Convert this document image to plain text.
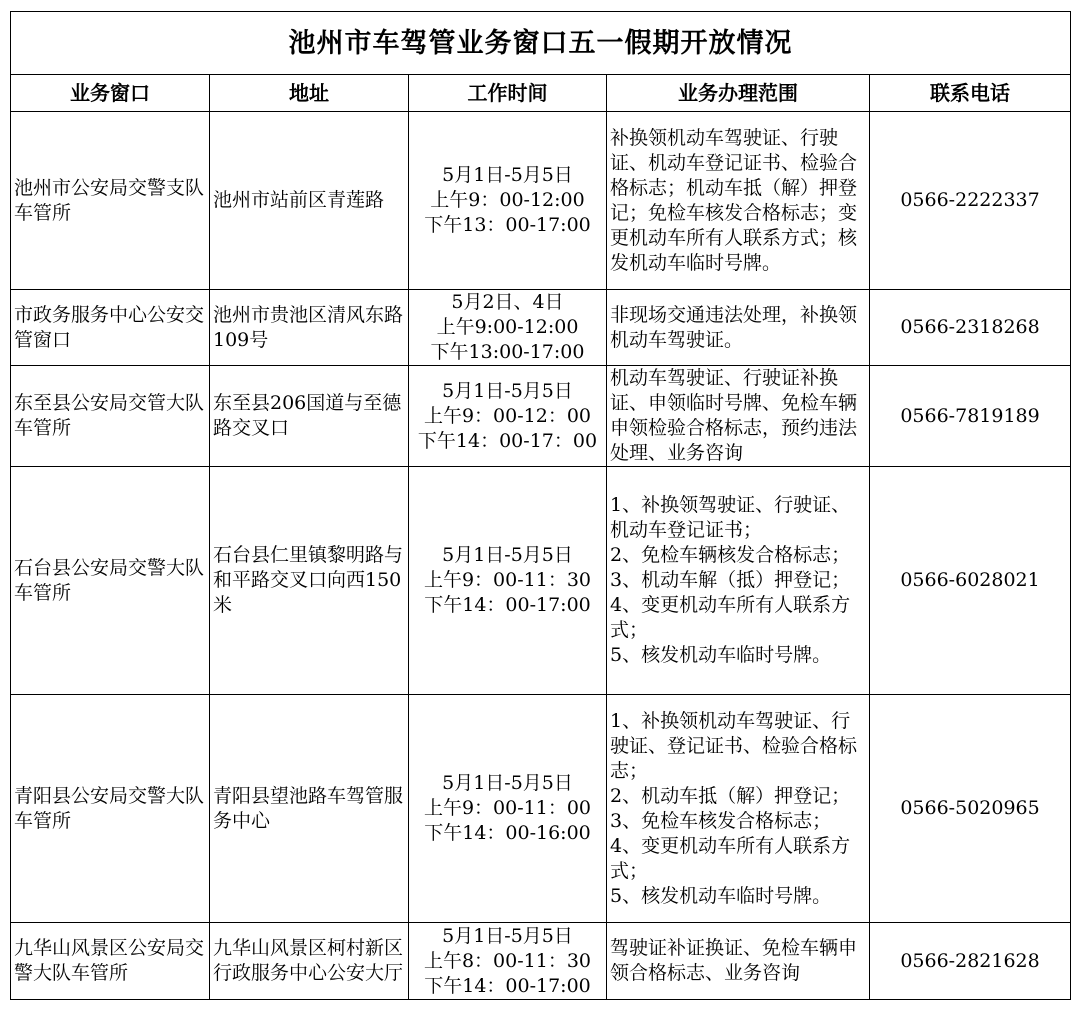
池州市车驾管业务窗口五一假期开放情况				
业务窗口	地址	工作时间	业务办理范围	联系电话
池州市公安局交警支队车管所	池州市站前区青莲路	5月1日-5月5日
上午9：00-12:00
下午13：00-17:00	补换领机动车驾驶证、行驶证、机动车登记证书、检验合格标志；机动车抵（解）押登记；免检车核发合格标志；变更机动车所有人联系方式；核发机动车临时号牌。	0566-2222337
市政务服务中心公安交管窗口	池州市贵池区清风东路109号	5月2日、4日
上午9:00-12:00
下午13:00-17:00	非现场交通违法处理，补换领机动车驾驶证。	0566-2318268
东至县公安局交管大队车管所	东至县206国道与至德路交叉口	5月1日-5月5日
上午9：00-12：00
下午14：00-17：00	机动车驾驶证、行驶证补换证、申领临时号牌、免检车辆申领检验合格标志，预约违法处理、业务咨询	0566-7819189
石台县公安局交警大队车管所	石台县仁里镇黎明路与和平路交叉口向西150米	5月1日-5月5日
上午9：00-11：30
下午14：00-17:00	1、补换领驾驶证、行驶证、机动车登记证书；
2、免检车辆核发合格标志；
3、机动车解（抵）押登记；
4、变更机动车所有人联系方式；
5、核发机动车临时号牌。	0566-6028021
青阳县公安局交警大队车管所	青阳县望池路车驾管服务中心	5月1日-5月5日
上午9：00-11：00
下午14：00-16:00	1、补换领机动车驾驶证、行驶证、登记证书、检验合格标志；
2、机动车抵（解）押登记；
3、免检车核发合格标志；
4、变更机动车所有人联系方式；
5、核发机动车临时号牌。	0566-5020965
九华山风景区公安局交警大队车管所	九华山风景区柯村新区行政服务中心公安大厅	5月1日-5月5日
上午8：00-11：30
下午14：00-17:00	驾驶证补证换证、免检车辆申领合格标志、业务咨询	0566-2821628
